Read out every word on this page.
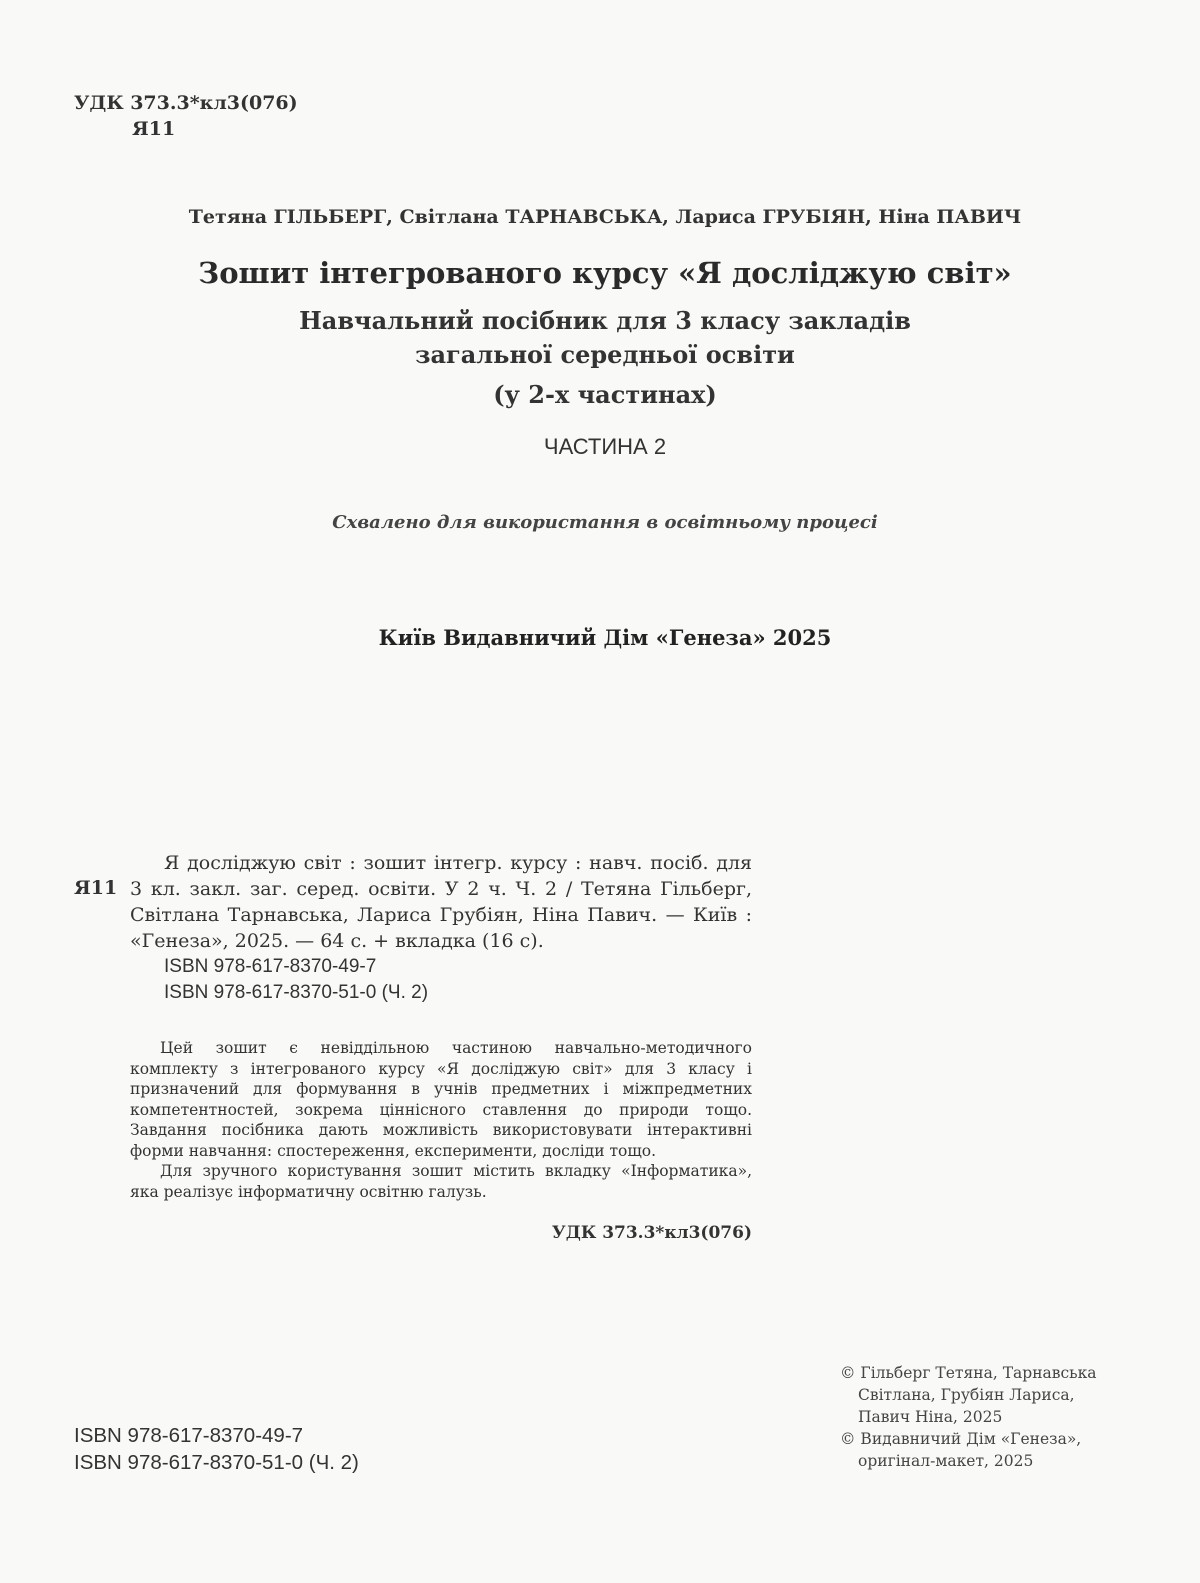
УДК 373.3*кл3(076)
Я11
Тетяна ГІЛЬБЕРГ, Світлана ТАРНАВСЬКА, Лариса ГРУБІЯН, Ніна ПАВИЧ
Зошит інтегрованого курсу «Я досліджую світ»
Навчальний посібник для 3 класу закладів
загальної середньої освіти
(у 2-х частинах)
ЧАСТИНА 2
Схвалено для використання в освітньому процесі
Київ Видавничий Дім «Генеза» 2025
Я11
Я досліджую світ : зошит інтегр. курсу : навч. посіб. для 3 кл. закл. заг. серед. освіти. У 2 ч. Ч. 2 / Тетяна Гільберг, Світлана Тарнавська, Лариса Грубіян, Ніна Павич. — Київ : «Генеза», 2025. — 64 с. + вкладка (16 с).
ISBN 978-617-8370-49-7
ISBN 978-617-8370-51-0 (Ч. 2)

Цей зошит є невіддільною частиною навчально-методичного комплекту з інтегрованого курсу «Я досліджую світ» для 3 класу і призначений для формування в учнів предметних і міжпредметних компетентностей, зокрема ціннісного ставлення до природи тощо. Завдання посібника дають можливість використовувати інтерактивні форми навчання: спостереження, експерименти, досліди тощо.

Для зручного користування зошит містить вкладку «Інформатика», яка реалізує інформатичну освітню галузь.

УДК 373.3*кл3(076)
© Гільберг Тетяна, Тарнавська
Світлана, Грубіян Лариса,
Павич Ніна, 2025
© Видавничий Дім «Генеза»,
оригінал-макет, 2025
ISBN 978-617-8370-49-7
ISBN 978-617-8370-51-0 (Ч. 2)
